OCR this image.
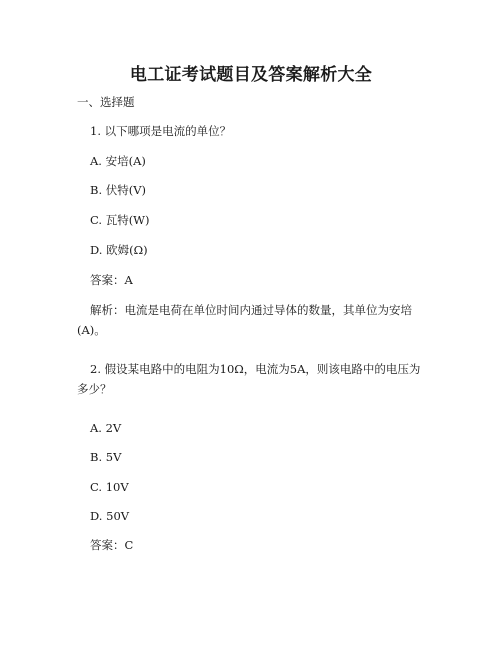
电工证考试题目及答案解析大全

一、选择题

1. 以下哪项是电流的单位？

A. 安培(A)

B. 伏特(V)

C. 瓦特(W)

D. 欧姆(Ω)

答案：A

解析：电流是电荷在单位时间内通过导体的数量，其单位为安培(A)。

2. 假设某电路中的电阻为10Ω，电流为5A，则该电路中的电压为多少？

A. 2V

B. 5V

C. 10V

D. 50V

答案：C
